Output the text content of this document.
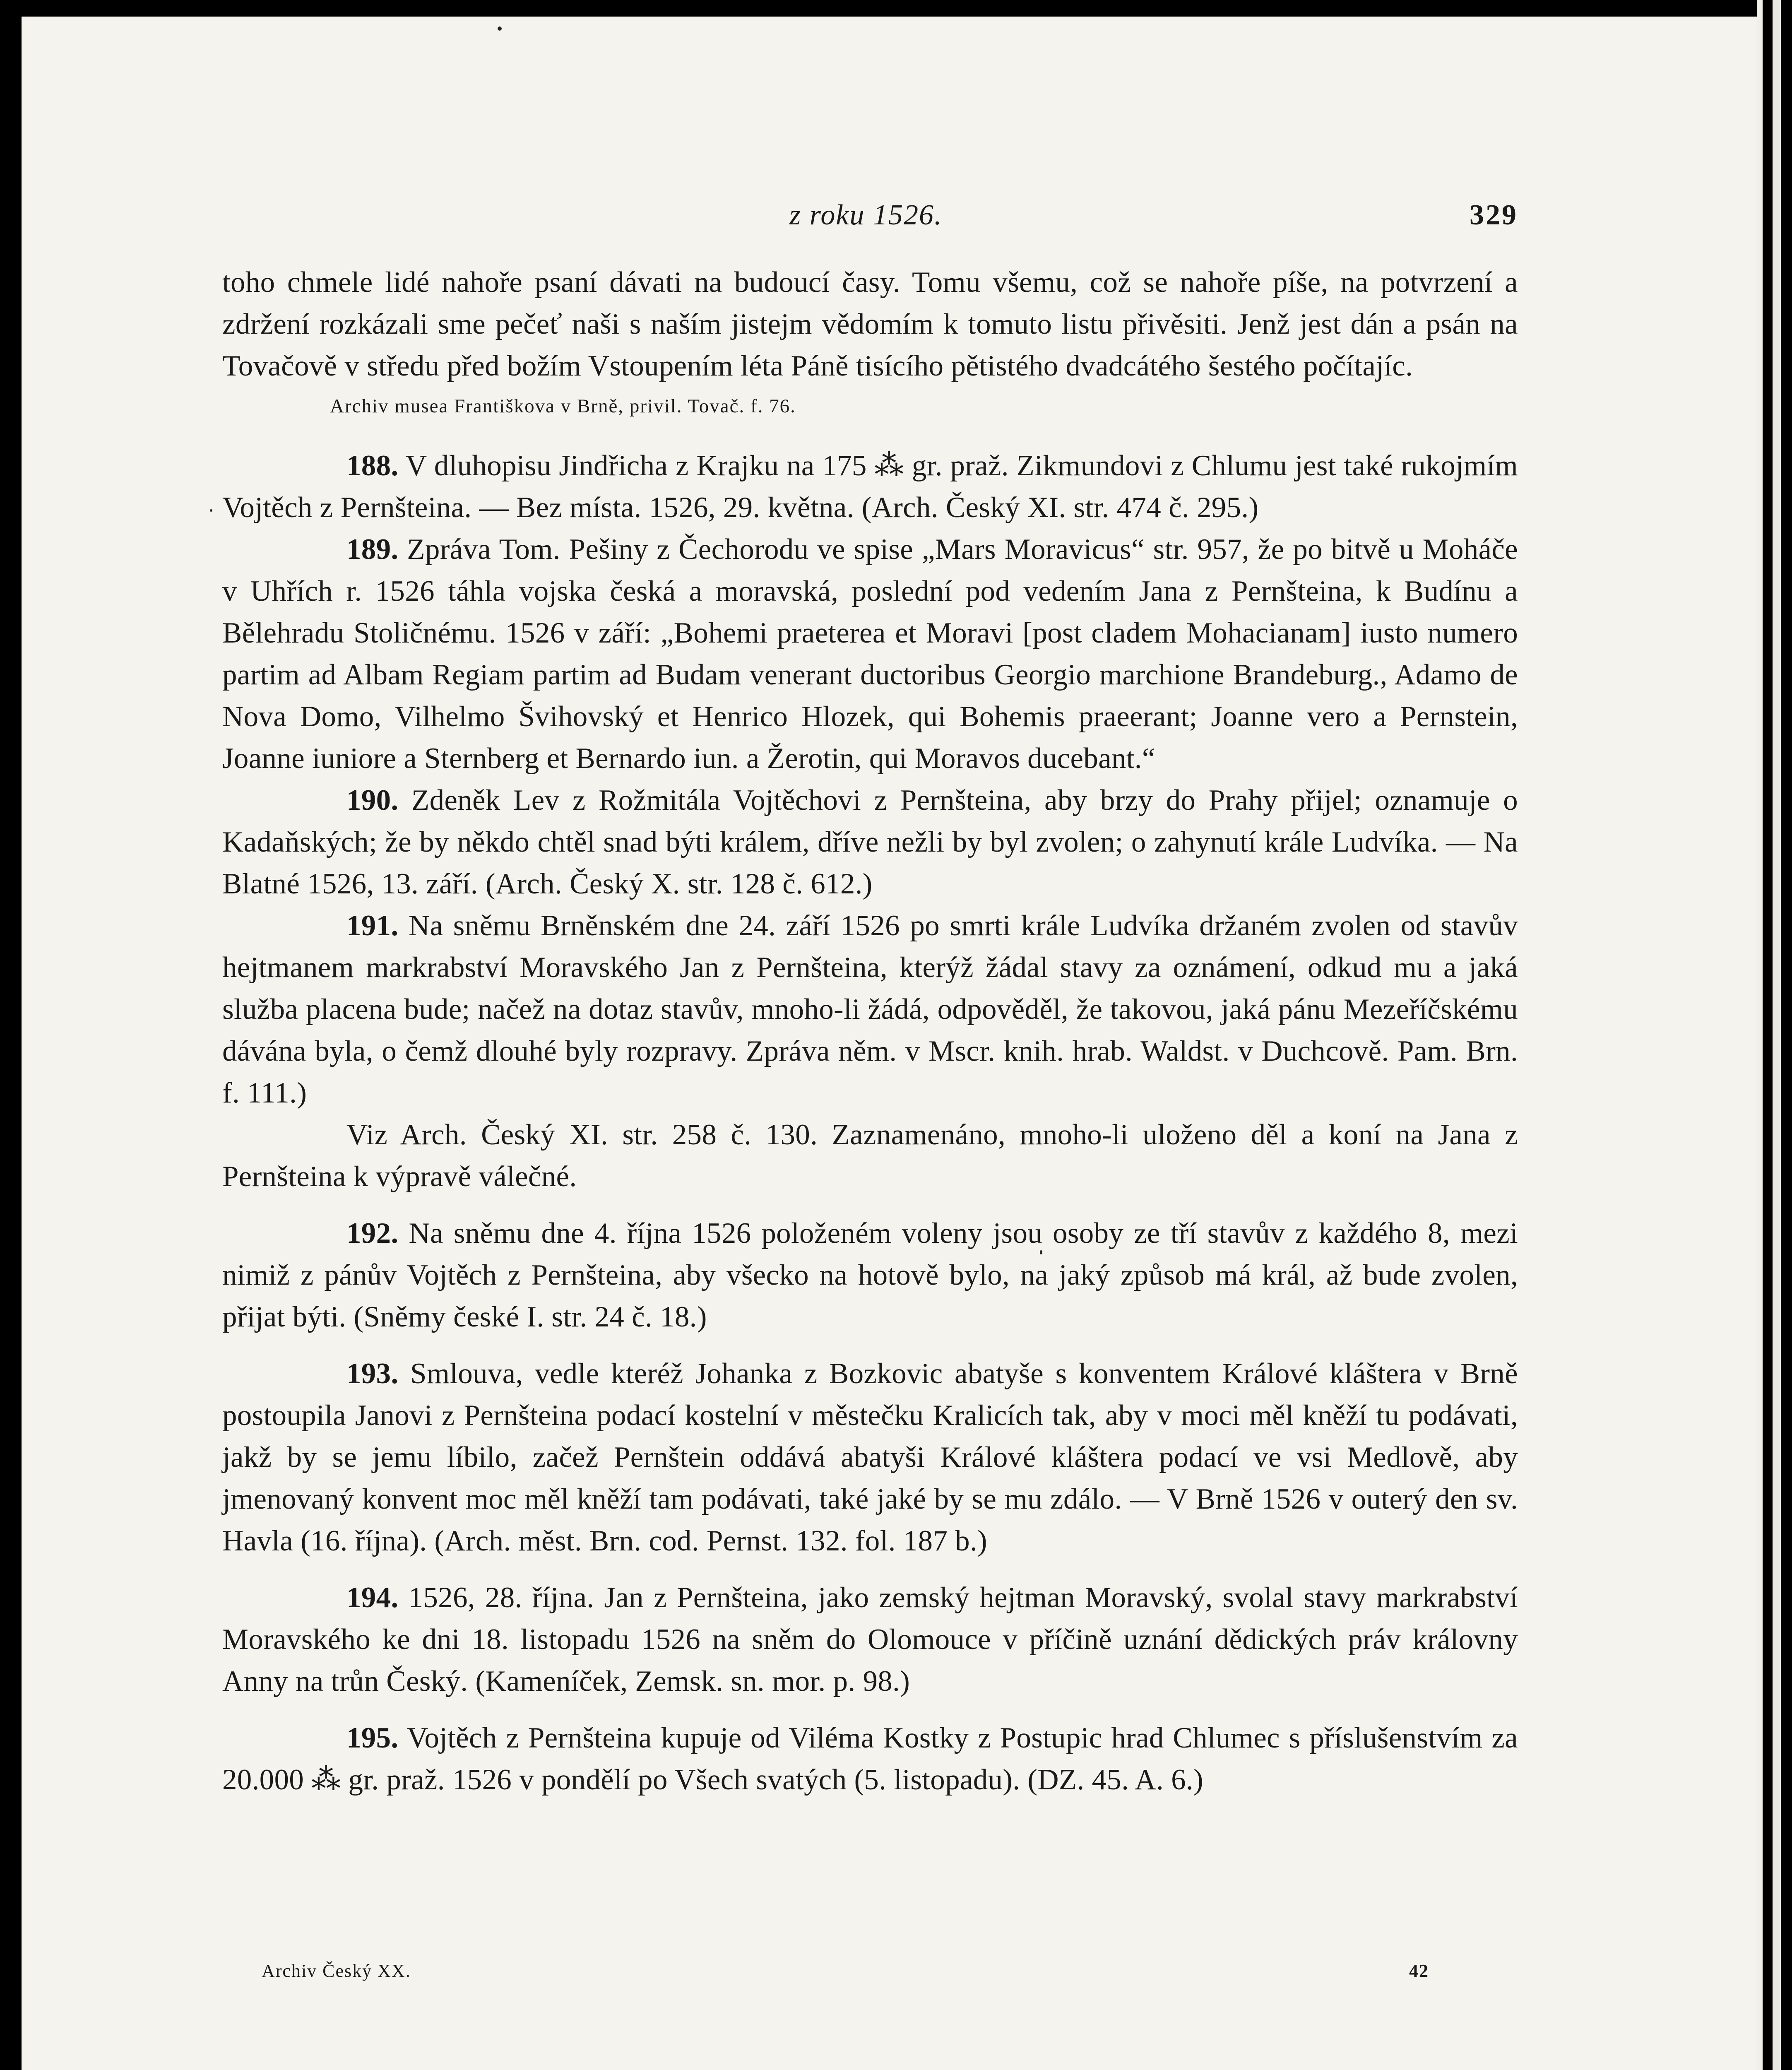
z roku 1526.	329

toho chmele lidé nahoře psaní dávati na budoucí časy. Tomu všemu, což se nahoře píše, na potvrzení a zdržení rozkázali sme pečeť naši s naším jistejm vědomím k tomuto listu přivěsiti. Jenž jest dán a psán na Tovačově v středu před božím Vstoupením léta Páně tisícího pětistého dvadcátého šestého počítajíc.

Archiv musea Františkova v Brně, privil. Tovač. f. 76.

188. V dluhopisu Jindřicha z Krajku na 175 ⁂ gr. praž. Zikmundovi z Chlumu jest také rukojmím Vojtěch z Pernšteina. — Bez místa. 1526, 29. května. (Arch. Český XI. str. 474 č. 295.)

189. Zpráva Tom. Pešiny z Čechorodu ve spise „Mars Moravicus“ str. 957, že po bitvě u Moháče v Uhřích r. 1526 táhla vojska česká a moravská, poslední pod vedením Jana z Pernšteina, k Budínu a Bělehradu Stoličnému. 1526 v září: „Bohemi praeterea et Moravi [post cladem Mohacianam] iusto numero partim ad Albam Regiam partim ad Budam venerant ductoribus Georgio marchione Brandeburg., Adamo de Nova Domo, Vilhelmo Švihovský et Henrico Hlozek, qui Bohemis praeerant; Joanne vero a Pernstein, Joanne iuniore a Sternberg et Bernardo iun. a Žerotin, qui Moravos ducebant.“

190. Zdeněk Lev z Rožmitála Vojtěchovi z Pernšteina, aby brzy do Prahy přijel; oznamuje o Kadaňských; že by někdo chtěl snad býti králem, dříve nežli by byl zvolen; o zahynutí krále Ludvíka. — Na Blatné 1526, 13. září. (Arch. Český X. str. 128 č. 612.)

191. Na sněmu Brněnském dne 24. září 1526 po smrti krále Ludvíka držaném zvolen od stavův hejtmanem markrabství Moravského Jan z Pernšteina, kterýž žádal stavy za oznámení, odkud mu a jaká služba placena bude; načež na dotaz stavův, mnoho-li žádá, odpověděl, že takovou, jaká pánu Mezeříčskému dávána byla, o čemž dlouhé byly rozpravy. Zpráva něm. v Mscr. knih. hrab. Waldst. v Duchcově. Pam. Brn. f. 111.)

Viz Arch. Český XI. str. 258 č. 130. Zaznamenáno, mnoho-li uloženo děl a koní na Jana z Pernšteina k výpravě válečné.

192. Na sněmu dne 4. října 1526 položeném voleny jsou osoby ze tří stavův z každého 8, mezi nimiž z pánův Vojtěch z Pernšteina, aby všecko na hotově bylo, na jaký způsob má král, až bude zvolen, přijat býti. (Sněmy české I. str. 24 č. 18.)

193. Smlouva, vedle kteréž Johanka z Bozkovic abatyše s konventem Králové kláštera v Brně postoupila Janovi z Pernšteina podací kostelní v městečku Kralicích tak, aby v moci měl kněží tu podávati, jakž by se jemu líbilo, začež Pernštein oddává abatyši Králové kláštera podací ve vsi Medlově, aby jmenovaný konvent moc měl kněží tam podávati, také jaké by se mu zdálo. — V Brně 1526 v outerý den sv. Havla (16. října). (Arch. měst. Brn. cod. Pernst. 132. fol. 187 b.)

194. 1526, 28. října. Jan z Pernšteina, jako zemský hejtman Moravský, svolal stavy markrabství Moravského ke dni 18. listopadu 1526 na sněm do Olomouce v příčině uznání dědických práv královny Anny na trůn Český. (Kameníček, Zemsk. sn. mor. p. 98.)

195. Vojtěch z Pernšteina kupuje od Viléma Kostky z Postupic hrad Chlumec s příslušenstvím za 20.000 ⁂ gr. praž. 1526 v pondělí po Všech svatých (5. listopadu). (DZ. 45. A. 6.)

Archiv Český XX.	42
